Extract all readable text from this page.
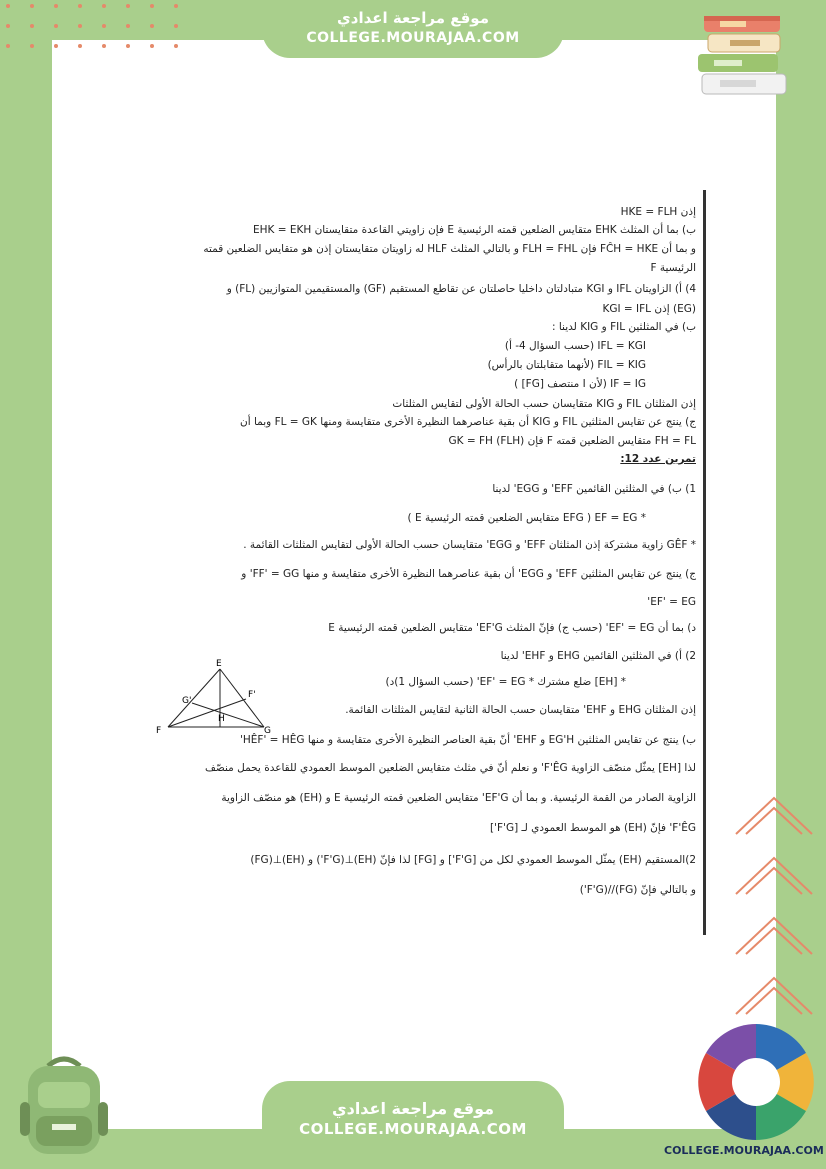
موقع مراجعة اعدادي
COLLEGE.MOURAJAA.COM
إذن HKE = FLH
ب) بما أن المثلث EHK متقايس الضلعين قمته الرئيسية E فإن زاويتي القاعدة متقايستان EHK = EKH
و بما أن FĈH = HKE فإن FLH = FHL و بالتالي المثلث HLF له زاويتان متقايستان إذن هو متقايس الضلعين قمته
الرئيسية F
4) أ) الزاويتان IFL و KGI متبادلتان داخليا حاصلتان عن تقاطع المستقيم (GF) والمستقيمين المتوازيين (FL) و
(EG) إذن KGI = IFL
ب) في المثلثين FIL و KIG لدينا :
IFL = KGI (حسب السؤال 4- أ)
FIL = KIG (لأنهما متقابلتان بالرأس)
IF = IG (لأن I منتصف [FG] )
إذن المثلثان FIL و KIG متقايسان حسب الحالة الأولى لتقايس المثلثات
ج) ينتج عن تقايس المثلثين FIL و KIG أن بقية عناصرهما النظيرة الأخرى متقايسة ومنها FL = GK وبما أن
FH = FL متقايس الضلعين قمته F فإن GK = FH (FLH)
تمرين عدد 12:
1) ب) في المثلثين القائمين EFF' و EGG' لدينا
* EF = EG ( EFG متقايس الضلعين قمته الرئيسية E )
* GÊF زاوية مشتركة إذن المثلثان EFF' و EGG' متقايسان حسب الحالة الأولى لتقايس المثلثات القائمة .
ج) ينتج عن تقايس المثلثين EFF' و EGG' أن بقية عناصرهما النظيرة الأخرى متقايسة و منها FF' = GG' و
EF' = EG'
د) بما أن EF' = EG' (حسب ج) فإنّ المثلث EF'G' متقايس الضلعين قمته الرئيسية E
2) أ) في المثلثين القائمين EHG و EHF' لدينا
* [EH] ضلع مشترك * EF' = EG' (حسب السؤال 1)د)
إذن المثلثان EHG و EHF' متقايسان حسب الحالة الثانية لتقايس المثلثات القائمة.
ب) ينتج عن تقايس المثلثين EG'H و EHF' أنّ بقية العناصر النظيرة الأخرى متقايسة و منها HÊF' = HÊG'
لذا [EH] يمثّل منصّف الزاوية F'ÊG' و نعلم أنّ في مثلث متقايس الضلعين الموسط العمودي للقاعدة يحمل منصّف
الزاوية الصادر من القمة الرئيسية. و بما أن EF'G' متقايس الضلعين قمته الرئيسية E و (EH) هو منصّف الزاوية
F'ÊG' فإنّ (EH) هو الموسط العمودي لـ [F'G']
2)المستقيم (EH) يمثّل الموسط العمودي لكل من [F'G'] و [FG] لذا فإنّ (EH)⊥(F'G') و (EH)⊥(FG)
و بالتالي فإنّ (FG)//(F'G')
E
F'
G'
H
F	G
موقع مراجعة اعدادي
COLLEGE.MOURAJAA.COM
COLLEGE.MOURAJAA.COM
